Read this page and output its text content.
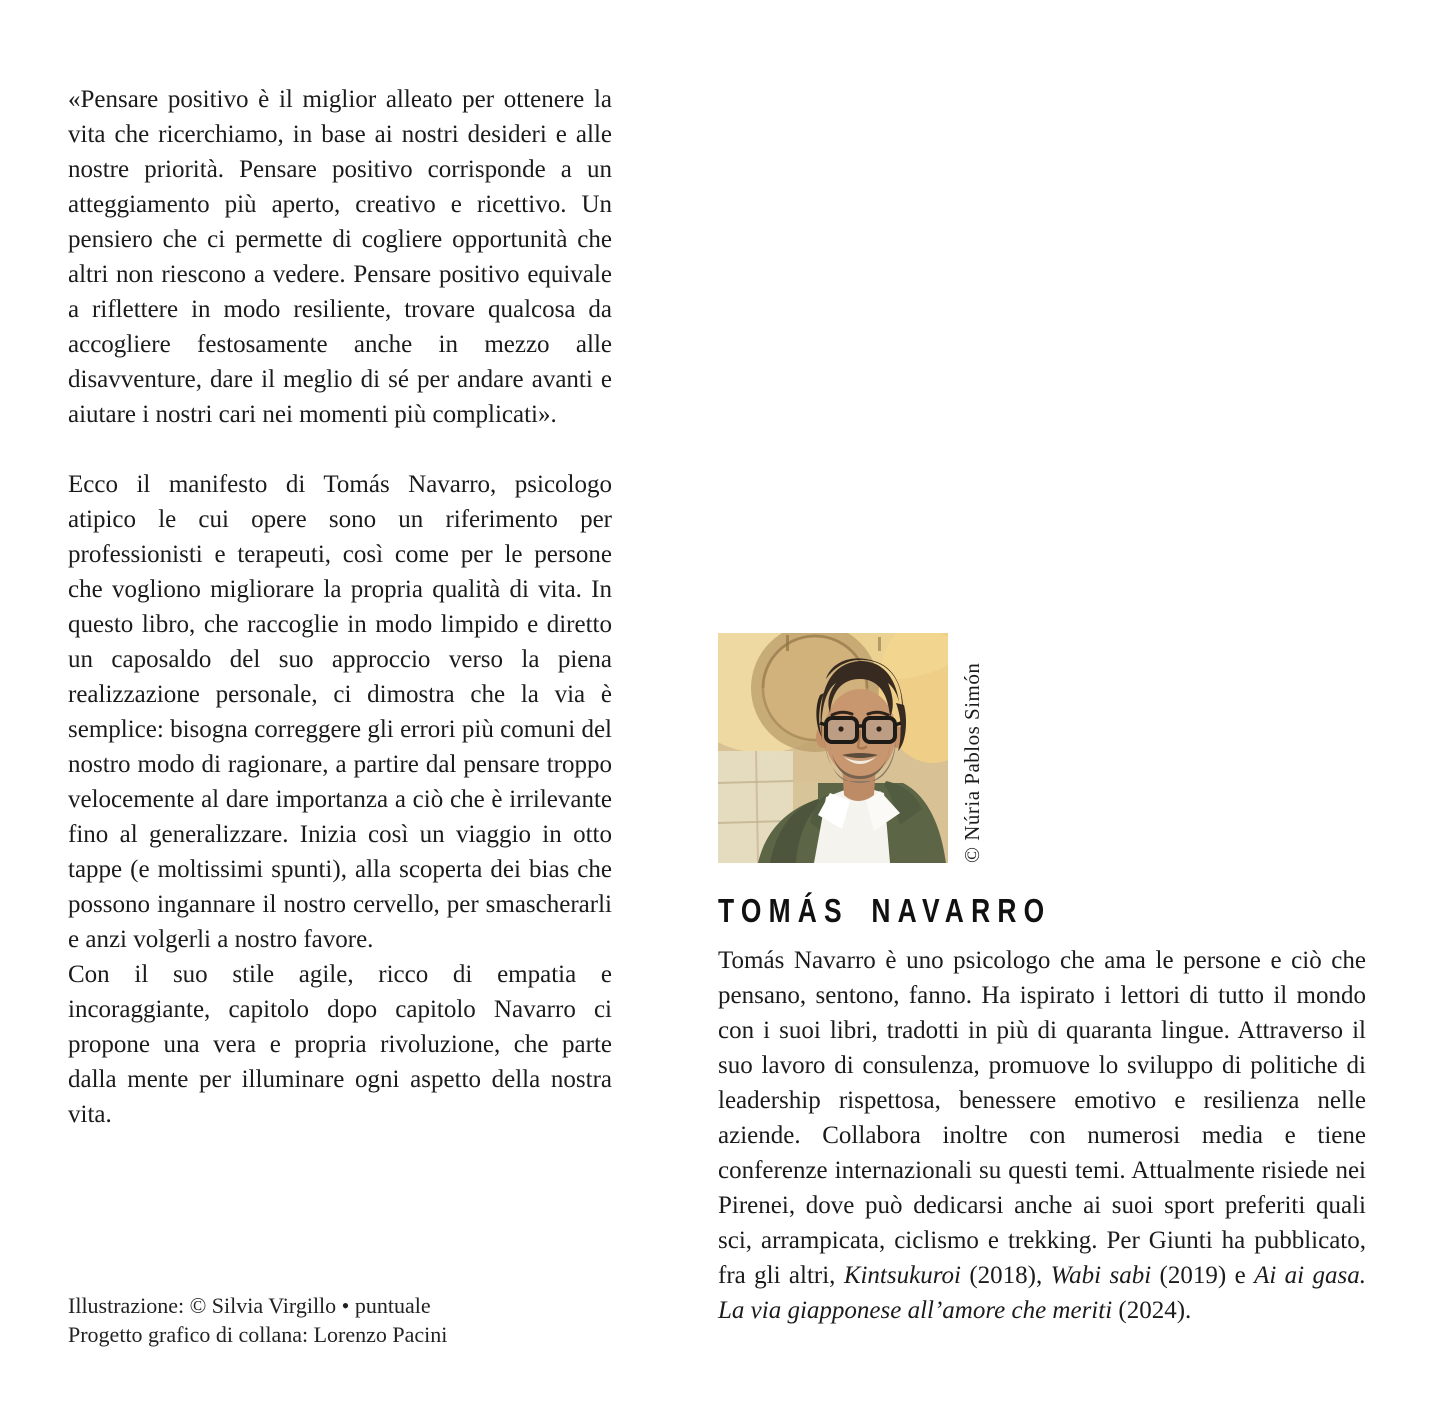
«Pensare positivo è il miglior alleato per ottenere la vita che ricerchiamo, in base ai nostri desideri e alle nostre priorità. Pensare positivo corrisponde a un atteggiamento più aperto, creativo e ricettivo. Un pensiero che ci permette di cogliere opportunità che altri non riescono a vedere. Pensare positivo equivale a riflettere in modo resiliente, trovare qualcosa da accogliere festosamente anche in mezzo alle disavventure, dare il meglio di sé per andare avanti e aiutare i nostri cari nei momenti più complicati».

Ecco il manifesto di Tomás Navarro, psicologo atipico le cui opere sono un riferimento per professionisti e terapeuti, così come per le persone che vogliono migliorare la propria qualità di vita. In questo libro, che raccoglie in modo limpido e diretto un caposaldo del suo approccio verso la piena realizzazione personale, ci dimostra che la via è semplice: bisogna correggere gli errori più comuni del nostro modo di ragionare, a partire dal pensare troppo velocemente al dare importanza a ciò che è irrilevante fino al generalizzare. Inizia così un viaggio in otto tappe (e moltissimi spunti), alla scoperta dei bias che possono ingannare il nostro cervello, per smascherarli e anzi volgerli a nostro favore.

Con il suo stile agile, ricco di empatia e incoraggiante, capitolo dopo capitolo Navarro ci propone una vera e propria rivoluzione, che parte dalla mente per illuminare ogni aspetto della nostra vita.

Illustrazione: © Silvia Virgillo • puntuale
Progetto grafico di collana: Lorenzo Pacini
© Núria Pablos Simón
TOMÁS NAVARRO

Tomás Navarro è uno psicologo che ama le persone e ciò che pensano, sentono, fanno. Ha ispirato i lettori di tutto il mondo con i suoi libri, tradotti in più di quaranta lingue. Attraverso il suo lavoro di consulenza, promuove lo sviluppo di politiche di leadership rispettosa, benessere emotivo e resilienza nelle aziende. Collabora inoltre con numerosi media e tiene conferenze internazionali su questi temi. Attualmente risiede nei Pirenei, dove può dedicarsi anche ai suoi sport preferiti quali sci, arrampicata, ciclismo e trekking. Per Giunti ha pubblicato, fra gli altri, Kintsukuroi (2018), Wabi sabi (2019) e Ai ai gasa. La via giapponese all’amore che meriti (2024).
